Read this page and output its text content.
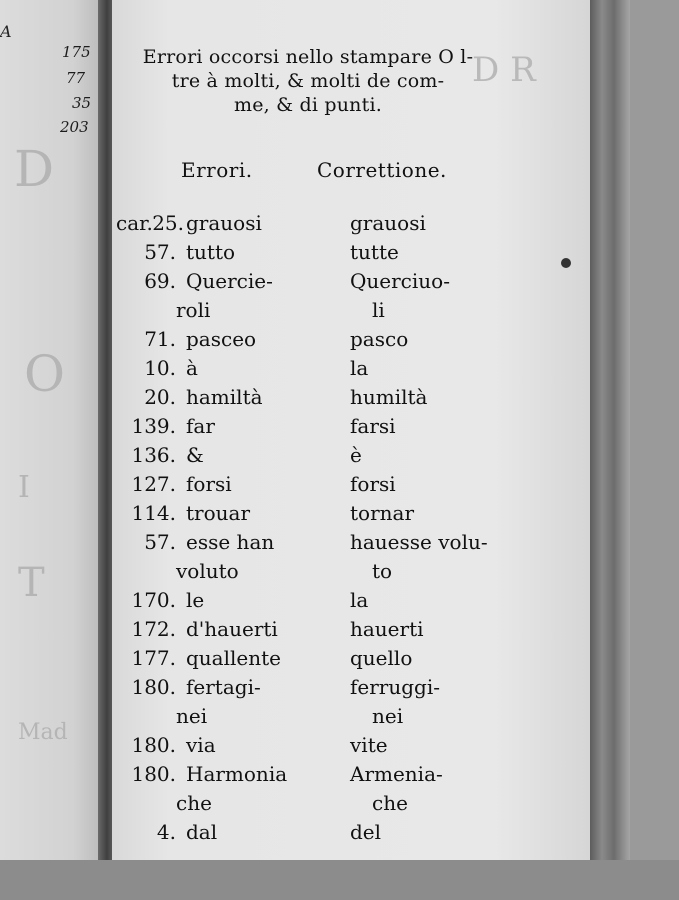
D
O
I
T
Mad
D R
A
175
77
35
203
Errori occorsi nello stampare O l-
tre à molti, & molti de com-
me, & di punti.
Errori.	Correttione.
car. 25. grauosi	grauosi
57. tutto	tutte
69. Quercie-	Querciuo-
roli	li
71. pasceo	pasco
10. à	la
20. hamiltà	humiltà
139. far	farsi
136. &	è
127. forsi	forsi
114. trouar	tornar
57. esse han	hauesse volu-
voluto	to
170. le	la
172. d'hauerti	hauerti
177. quallente	quello
180. fertagi-	ferruggi-
nei	nei
180. via	vite
180. Harmonia	Armenia-
che	che
4. dal	del
